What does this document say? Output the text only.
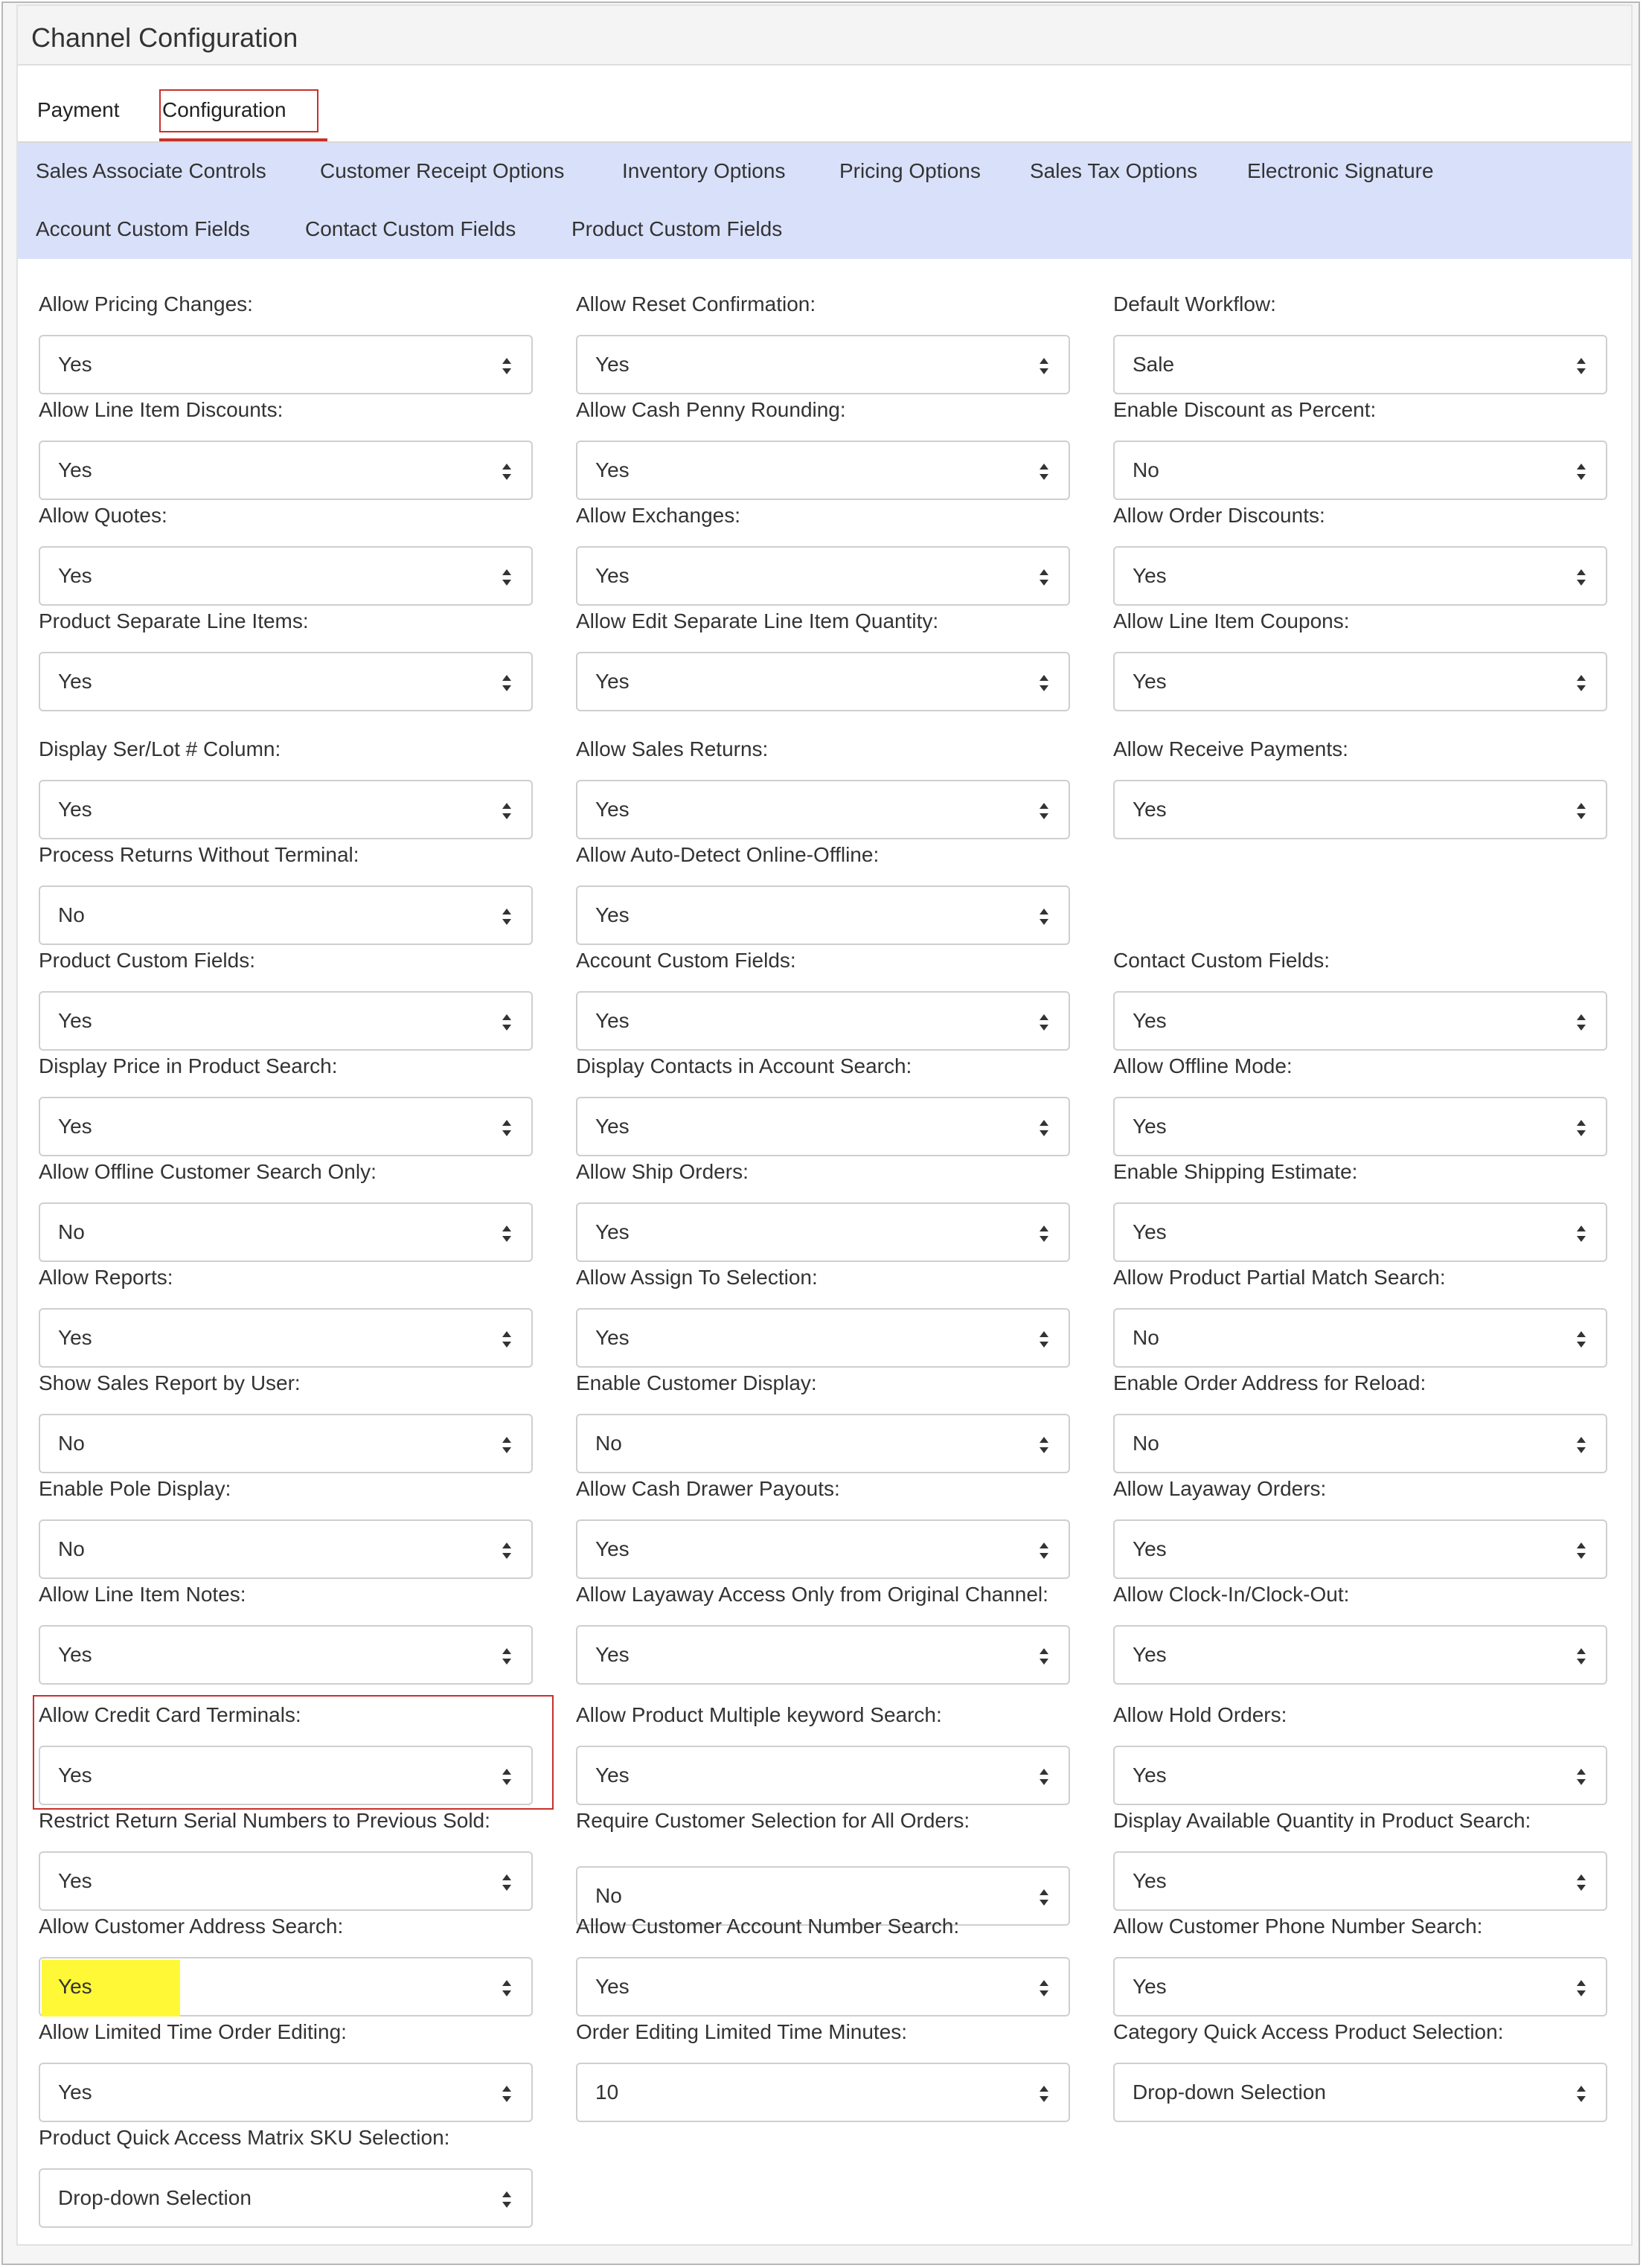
Channel Configuration
Payment Configuration
Sales Associate Controls	Customer Receipt Options	Inventory Options	Pricing Options Sales Tax Options Electronic Signature
Account Custom Fields	Contact Custom Fields	Product Custom Fields
Allow Pricing Changes:
Yes
Allow Reset Confirmation:
Yes
Default Workflow:
Sale
Allow Line Item Discounts:
Yes
Allow Cash Penny Rounding:
Yes
Enable Discount as Percent:
No
Allow Quotes:
Yes
Allow Exchanges:
Yes
Allow Order Discounts:
Yes
Product Separate Line Items:
Yes
Allow Edit Separate Line Item Quantity:
Yes
Allow Line Item Coupons:
Yes
Display Ser/Lot # Column:
Yes
Allow Sales Returns:
Yes
Allow Receive Payments:
Yes
Process Returns Without Terminal:
No
Allow Auto-Detect Online-Offline:
Yes
Product Custom Fields:
Yes
Account Custom Fields:
Yes
Contact Custom Fields:
Yes
Display Price in Product Search:
Yes
Display Contacts in Account Search:
Yes
Allow Offline Mode:
Yes
Allow Offline Customer Search Only:
No
Allow Ship Orders:
Yes
Enable Shipping Estimate:
Yes
Allow Reports:
Yes
Allow Assign To Selection:
Yes
Allow Product Partial Match Search:
No
Show Sales Report by User:
No
Enable Customer Display:
No
Enable Order Address for Reload:
No
Enable Pole Display:
No
Allow Cash Drawer Payouts:
Yes
Allow Layaway Orders:
Yes
Allow Line Item Notes:
Yes
Allow Layaway Access Only from Original Channel:
Yes
Allow Clock-In/Clock-Out:
Yes
Allow Credit Card Terminals:
Yes
Allow Product Multiple keyword Search:
Yes
Allow Hold Orders:
Yes
Restrict Return Serial Numbers to Previous Sold:
Yes
Require Customer Selection for All Orders:
No
Display Available Quantity in Product Search:
Yes
Allow Customer Address Search:
Yes
Allow Customer Account Number Search:
Yes
Allow Customer Phone Number Search:
Yes
Allow Limited Time Order Editing:
Yes
Order Editing Limited Time Minutes:
10
Category Quick Access Product Selection:
Drop-down Selection
Product Quick Access Matrix SKU Selection:
Drop-down Selection
